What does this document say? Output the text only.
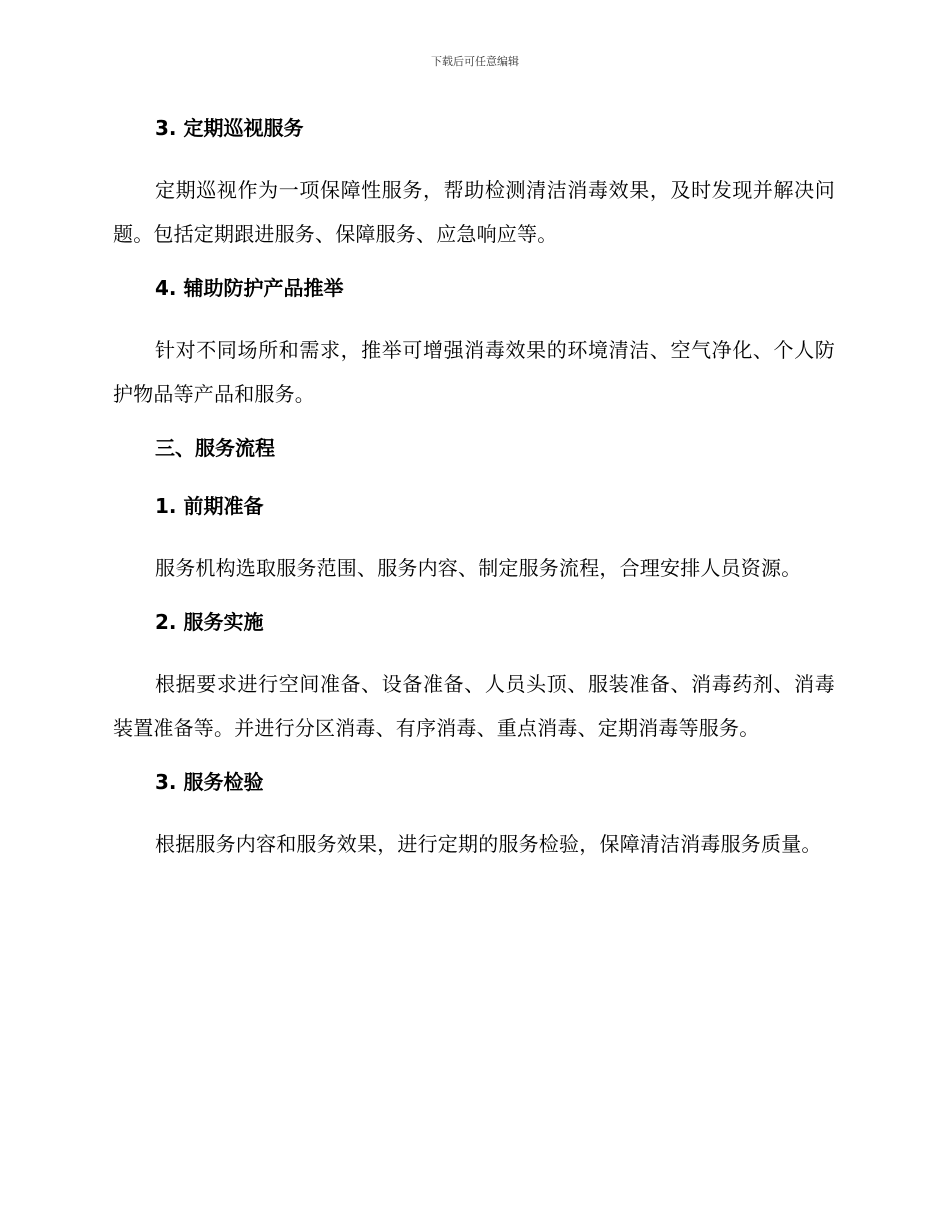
下载后可任意编辑
3. 定期巡视服务
定期巡视作为一项保障性服务，帮助检测清洁消毒效果，及时发现并解决问题。包括定期跟进服务、保障服务、应急响应等。
4. 辅助防护产品推举
针对不同场所和需求，推举可增强消毒效果的环境清洁、空气净化、个人防护物品等产品和服务。
三、服务流程
1. 前期准备
服务机构选取服务范围、服务内容、制定服务流程，合理安排人员资源。
2. 服务实施
根据要求进行空间准备、设备准备、人员头顶、服装准备、消毒药剂、消毒装置准备等。并进行分区消毒、有序消毒、重点消毒、定期消毒等服务。
3. 服务检验
根据服务内容和服务效果，进行定期的服务检验，保障清洁消毒服务质量。
